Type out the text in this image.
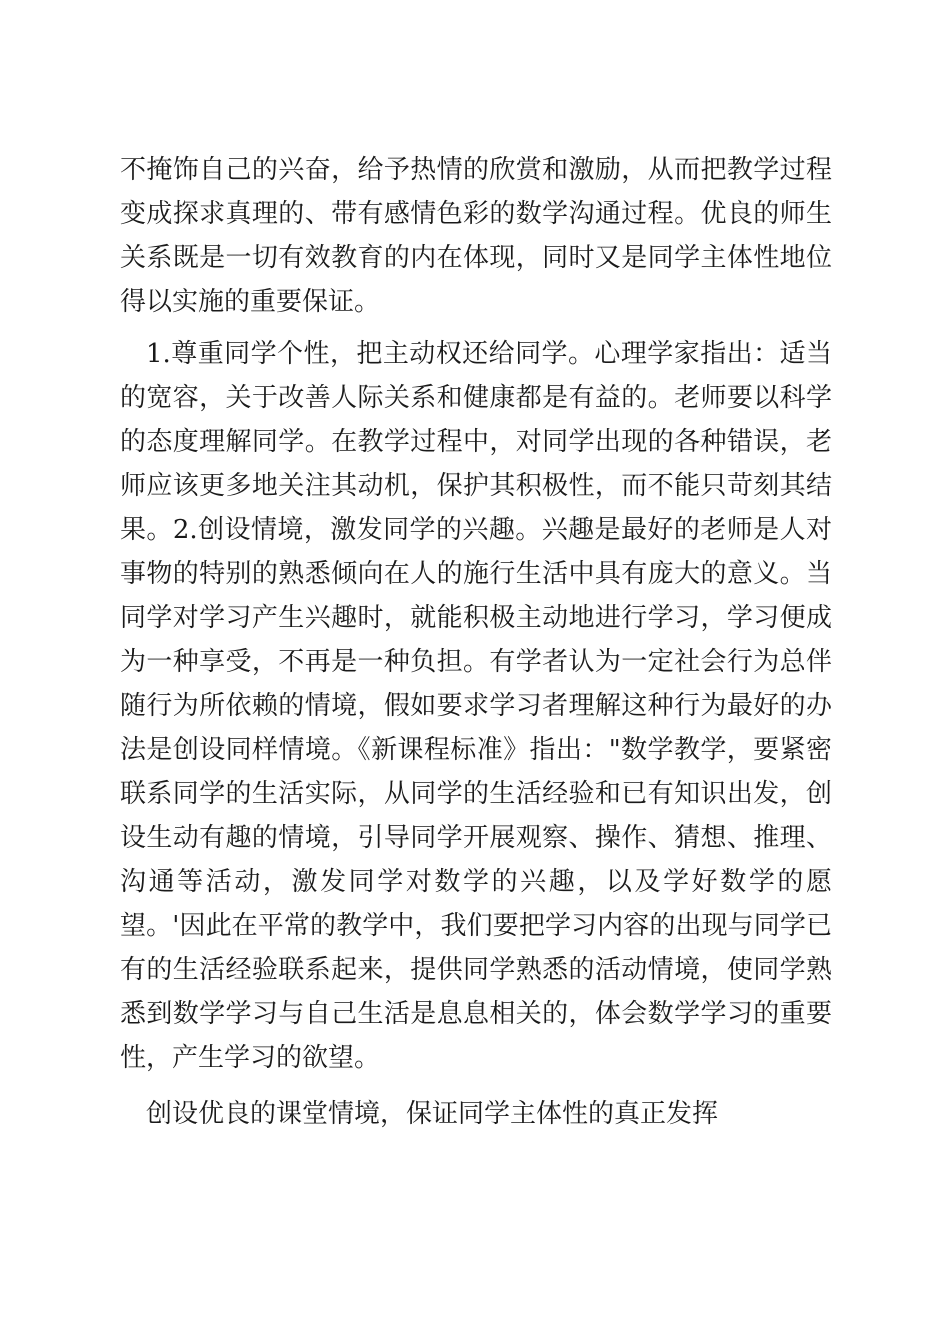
不掩饰自己的兴奋，给予热情的欣赏和激励，从而把教学过程变成探求真理的、带有感情色彩的数学沟通过程。优良的师生关系既是一切有效教育的内在体现，同时又是同学主体性地位得以实施的重要保证。

1.尊重同学个性，把主动权还给同学。心理学家指出：适当的宽容，关于改善人际关系和健康都是有益的。老师要以科学的态度理解同学。在教学过程中，对同学出现的各种错误，老师应该更多地关注其动机，保护其积极性，而不能只苛刻其结果。2.创设情境，激发同学的兴趣。兴趣是最好的老师是人对事物的特别的熟悉倾向在人的施行生活中具有庞大的意义。当同学对学习产生兴趣时，就能积极主动地进行学习，学习便成为一种享受，不再是一种负担。有学者认为一定社会行为总伴随行为所依赖的情境，假如要求学习者理解这种行为最好的办法是创设同样情境。《新课程标准》指出："数学教学，要紧密联系同学的生活实际，从同学的生活经验和已有知识出发，创设生动有趣的情境，引导同学开展观察、操作、猜想、推理、沟通等活动，激发同学对数学的兴趣，以及学好数学的愿望。'因此在平常的教学中，我们要把学习内容的出现与同学已有的生活经验联系起来，提供同学熟悉的活动情境，使同学熟悉到数学学习与自己生活是息息相关的，体会数学学习的重要性，产生学习的欲望。

创设优良的课堂情境，保证同学主体性的真正发挥
